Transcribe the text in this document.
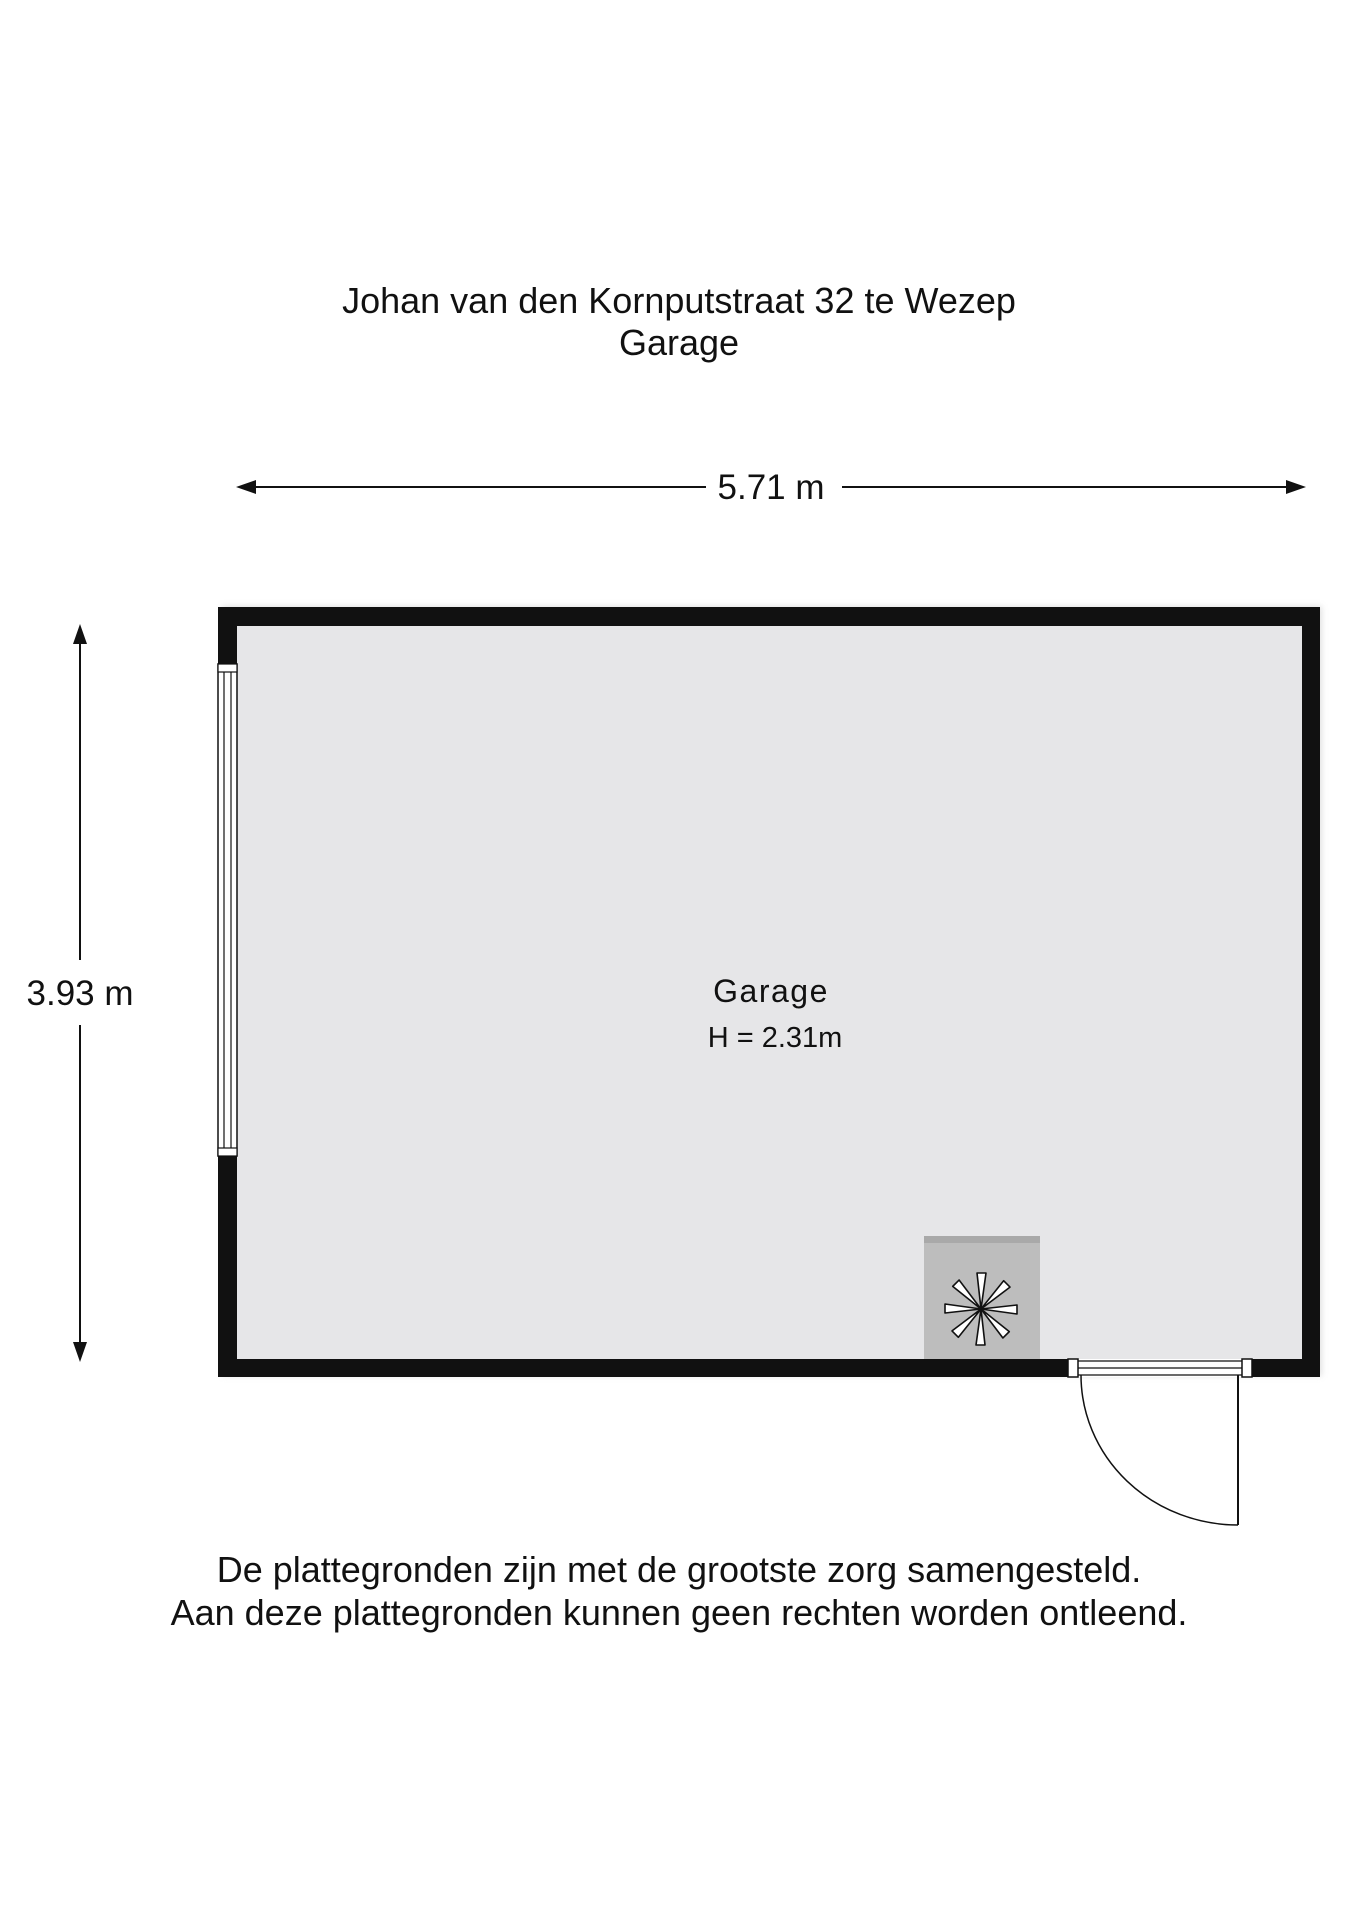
Johan van den Kornputstraat 32 te Wezep
Garage
5.71 m
3.93 m	Garage
H = 2.31m
De plattegronden zijn met de grootste zorg samengesteld.
Aan deze plattegronden kunnen geen rechten worden ontleend.
